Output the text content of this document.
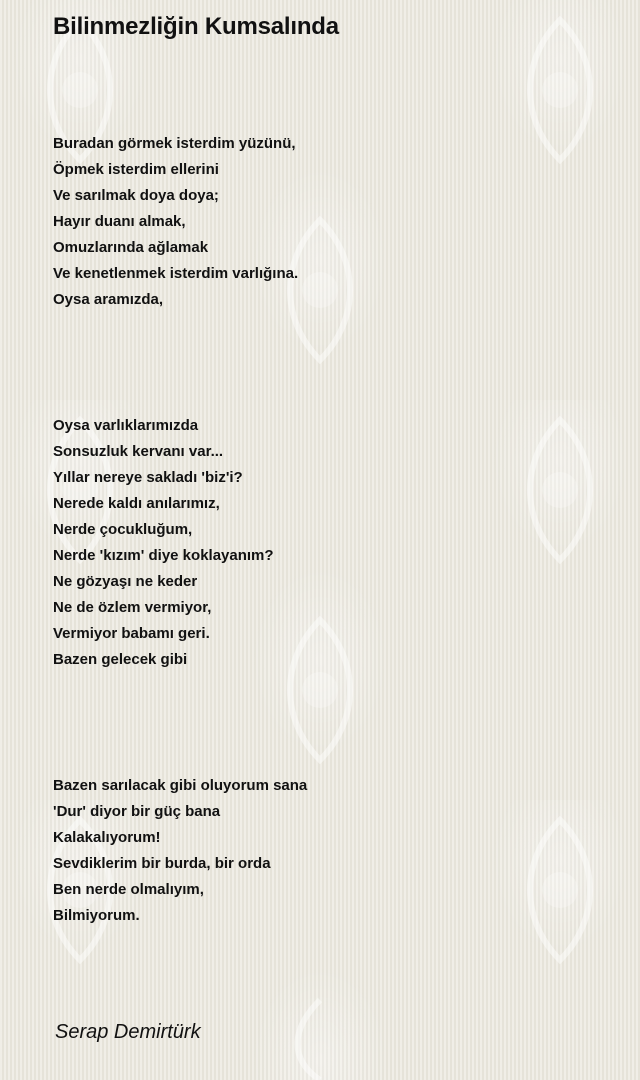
Bilinmezliğin Kumsalında

Buradan görmek isterdim yüzünü,
Öpmek isterdim ellerini
Ve sarılmak doya doya;
Hayır duanı almak,
Omuzlarında ağlamak
Ve kenetlenmek isterdim varlığına.
Oysa aramızda,

Oysa varlıklarımızda
Sonsuzluk kervanı var...
Yıllar nereye sakladı 'biz'i?
Nerede kaldı anılarımız,
Nerde çocukluğum,
Nerde 'kızım' diye koklayanım?
Ne gözyaşı ne keder
Ne de özlem vermiyor,
Vermiyor babamı geri.
Bazen gelecek gibi

Bazen sarılacak gibi oluyorum sana
'Dur' diyor bir güç bana
Kalakalıyorum!
Sevdiklerim bir burda, bir orda
Ben nerde olmalıyım,
Bilmiyorum.

Serap Demirtürk
